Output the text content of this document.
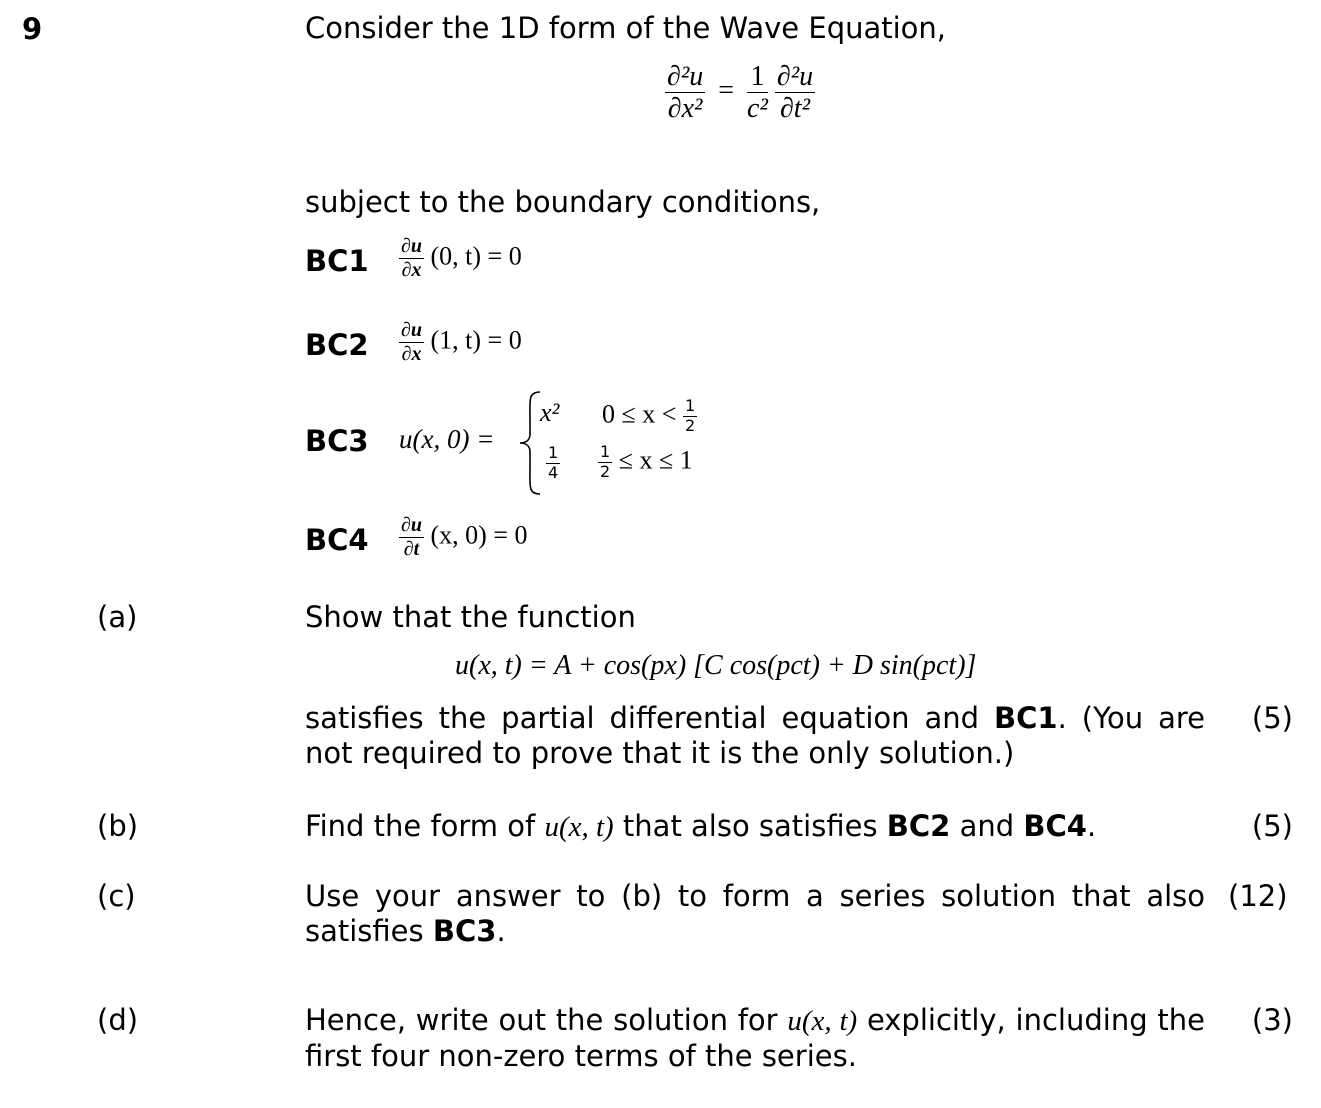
9	Consider the 1D form of the Wave Equation,
$\frac{\text{∂²u}}{\text{∂x²}} = \frac{1}{\text{c²}}$
$\frac{\text{∂²u}}{\text{∂t²}}$
subject to the boundary conditions,
$BC1 \frac{\partial u}{\partial x} (0$, t) = 0
$BC2 \frac{\partial u}{\partial x} (1$, t) = 0
BC3 u(x, 0) =
x² $0 \le x < \frac{1}{2}$
$\frac{1}{4} \frac{1}{2} \le x \le 1$
$BC4 \frac{\partial u}{\partial t} (x$, 0) = 0
(a)	Show that the function
u(x, t) = A + cos(px) [C cos(pct) + D sin(pct)]
satisfies the partial differential equation and BC1. (You are not required to prove that it is the only solution.)
(5)
(b)	Find the form of u(x, t) that also satisfies BC2 and BC4.	(5)
(c)	Use your answer to (b) to form a series solution that also satisfies BC3.
(12)
(d)	Hence, write out the solution for u(x, t) explicitly, including the first four non-zero terms of the series.
(3)
